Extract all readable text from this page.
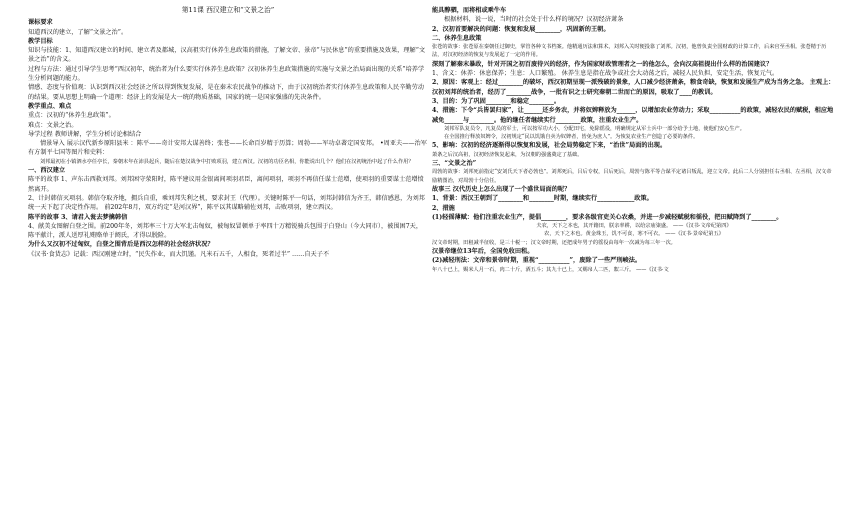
第11课 西汉建立和“文景之治”

课标要求

知道西汉的建立，了解“文景之治”。

教学目标

知识与技能：1、知道西汉建立的时间、建立者及都城，汉高祖实行休养生息政策的措施，了解文帝、景帝“与民休息”的重要措施及效果，理解“文景之治”的含义。

过程与方法：通过引导学生思考“西汉初年，统治者为什么要实行休养生息政策？汉初休养生息政策措施的实施与文景之治局面出现的关系”培养学生分析问题的能力。

情感、态度与价值观：认识到西汉社会经济之所以得到恢复发展，是在秦末农民战争的推动下，由于汉初统治者实行休养生息政策和人民辛勤劳动的结果。要从思想上明确一个道理：经济上的发展是大一统的物质基础，国家的统一是国家强盛的先决条件。

教学重点、难点

重点：汉初的“休养生息政策”。

难点：文景之治。

导学过程 教师讲解，学生分析讨论相结合

情景导入 展示汉代新乡原阳县米 ：陈平——奇计安邦大谋善终；张苍——长命百岁精于历算；周勃——军功卓著定国安邦。 •周亚夫——治军有方制平七国等图片和史料：

刘邦最初在小镇泗水亭任亭长，秦朝末年在沛县起兵，随后在楚汉战争中打败项羽，建立西汉。汉初的功臣名相，你能说出几个？他们在汉初统治中起了什么作用？

一、西汉建立

陈平的故事 1、声东击西救刘邦。刘邦困守荥阳时，陈平建议用金银离间项羽君臣，离间项羽，项羽不再信任谋士范增，使项羽的重要谋士范增愤然离开。

2、计封韩信灭项羽。韩信夺取齐地，拥兵自重，乘刘邦失利之机，要求封王（代理）。关键时陈平一句话，刘邦封韩信为齐王，韩信感恩，为刘邦统一天下起了决定性作用。 前202年8月，双方约定“是河汉界”，陈平以其谋略辅佐刘邦，击败项羽，建立西汉。

陈平的故事 3、请君入瓮去梦擒韩信

4、献美女图解白登之围。前200年冬，刘邦率三十万大军北击匈奴，被匈奴冒顿单于率四十万精锐骑兵包围于白登山（今大同市），被围困7天，陈平献计，派人送厚礼贿赂单于阏氏，才得以脱险。

为什么又汉初不过匈奴，白登之围背后是西汉怎样的社会经济状况？

《汉书·食货志》记载：西汉刚建立时，“民失作业，而大饥馑。凡米石五千，人相食，死者过半” ……自天子不

能具醇驷，而将相或乘牛车

根据材料，说一说，当时的社会处于什么样的境况？汉初经济萧条

2、汉初首要解决的问题：恢复和发展________，巩固新的王朝。

二、休养生息政策

张苍的故事：张苍原在秦朝任过御史，掌管各种文书档案。他精通历法和算术，刘邦入关时便投靠了刘邦。汉初，他曾负责全国财政的计算工作，后来官至丞相。张苍精于历法，对汉初经济的恢复与发展起了一定的作用。

深刻了解秦末暴政，针对开国之初百废待兴的经济，作为国家财政管理者之一的他怎么，会向汉高祖提出什么样的治国建议？

1、含义：休养：休息保养；生息：人口繁殖。 休养生息是指在战争或社会大动荡之后，减轻人民负担，安定生活，恢复元气。

2、原因：客观上：经过________的破坏，西汉初期呈现一派残破的景象，人口减少经济萧条，粮食奇缺，恢复和发展生产成为当务之急。 主观上：汉初刘邦的统治者，经历了________战争，一批有识之士研究秦朝二世而亡的原因，吸取了____的教训。

3、目的：为了巩固________和稳定________。

4、措施：下令“兵皆罢归家”，让______还乡务农，并将奴婢释放为______，以增加农业劳动力；采取__________的政策，减轻农民的赋税，相应地减免______与________。他的继任者继续实行________政策，注重农业生产。

刘邦军队复员令，凡复员的军士，可以按军功大小，分配田宅，免除徭役，明确规定从军士兵中一部分给予土地，使他们安心生产。

在全国推行释放奴婢令，汉初规定“民以饥饿自卖为奴婢者，皆免为庶人”。为恢复农业生产创造了必要的条件。

5、影响：汉初的经济逐渐得以恢复和发展，社会局势稳定下来，“治世”局面的出现。

萧条之后汉高祖，汉初经济恢复起来，为汉朝的强盛奠定了基础。

三、“文景之治”

周勃的故事：刘邦死前指定“安刘氏天下者必勃也”。刘邦死后，吕后专权，吕后死后，周勃与陈平等合谋平定诸吕叛乱，迎立文帝。此后二人分别担任右丞相、左丞相，汉文帝励精图治，对周勃十分信任。

故事三 汉代历史上怎么出现了一个盛世局面的呢？

1、背景：西汉王朝到了________和________时期，继续实行____________政策。

2、措施

(1)轻徭薄赋：他们注重农业生产，提倡________，要求各级官吏关心农桑，并进一步减轻赋税和徭役，把田赋降到了________。

夫农，天下之本也，其开籍田，朕亲率耕，以给宗庙粢盛。 ——《汉书·文帝纪第四》

农，天下之本也。黄金珠玉，饥不可食，寒不可衣。 ——《汉书·景帝纪第五》

汉文帝时期，田租减半征收，是三十税一；汉文帝时期，还把成年男子的徭役由每年一次减为每三年一次。

汉景帝继位13年后，全国免收田租。

(2)减轻刑法：文帝和景帝时期，重视“__________”，废除了一些严刑峻法。

年八十已上，赐米人月一石，肉二十斤，酒五斗；其九十已上，又赐帛人二匹，絮三斤。 ——《汉书·文
